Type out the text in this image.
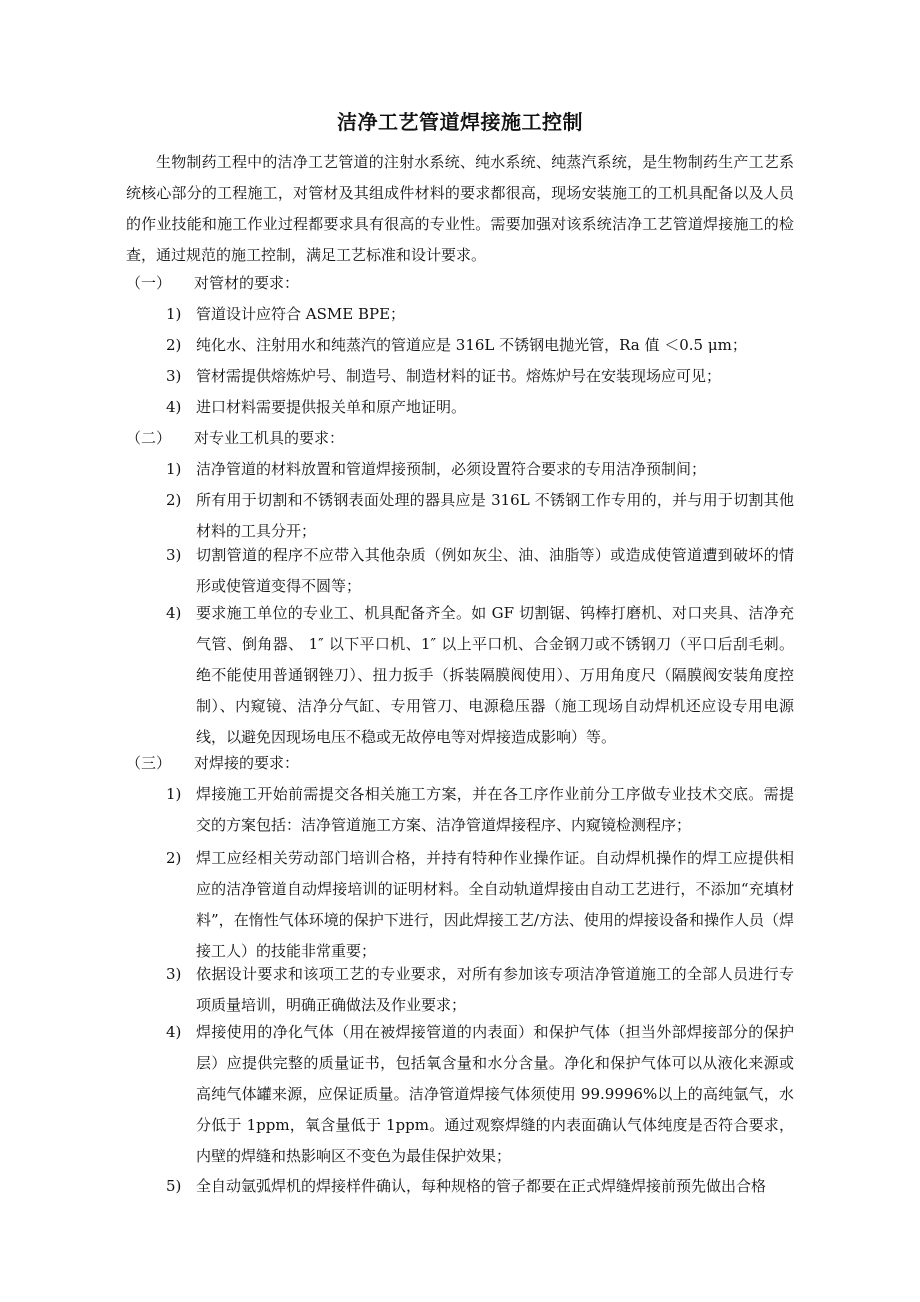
洁净工艺管道焊接施工控制

生物制药工程中的洁净工艺管道的注射水系统、纯水系统、纯蒸汽系统，是生物制药生产工艺系统核心部分的工程施工，对管材及其组成件材料的要求都很高，现场安装施工的工机具配备以及人员的作业技能和施工作业过程都要求具有很高的专业性。需要加强对该系统洁净工艺管道焊接施工的检查，通过规范的施工控制，满足工艺标准和设计要求。

（一） 对管材的要求：
1) 管道设计应符合 ASME BPE；
2) 纯化水、注射用水和纯蒸汽的管道应是 316L 不锈钢电抛光管，Ra 值 ＜0.5 μm；
3) 管材需提供熔炼炉号、制造号、制造材料的证书。熔炼炉号在安装现场应可见；
4) 进口材料需要提供报关单和原产地证明。
（二） 对专业工机具的要求：
1) 洁净管道的材料放置和管道焊接预制，必须设置符合要求的专用洁净预制间；
2) 所有用于切割和不锈钢表面处理的器具应是 316L 不锈钢工作专用的，并与用于切割其他材料的工具分开；
3) 切割管道的程序不应带入其他杂质（例如灰尘、油、油脂等）或造成使管道遭到破坏的情形或使管道变得不圆等；
4) 要求施工单位的专业工、机具配备齐全。如 GF 切割锯、钨棒打磨机、对口夹具、洁净充气管、倒角器、 1″ 以下平口机、1″ 以上平口机、合金钢刀或不锈钢刀（平口后刮毛刺。绝不能使用普通钢锉刀）、扭力扳手（拆装隔膜阀使用）、万用角度尺（隔膜阀安装角度控制）、内窥镜、洁净分气缸、专用管刀、电源稳压器（施工现场自动焊机还应设专用电源线，以避免因现场电压不稳或无故停电等对焊接造成影响）等。
（三） 对焊接的要求：
1) 焊接施工开始前需提交各相关施工方案，并在各工序作业前分工序做专业技术交底。需提交的方案包括：洁净管道施工方案、洁净管道焊接程序、内窥镜检测程序；
2) 焊工应经相关劳动部门培训合格，并持有特种作业操作证。自动焊机操作的焊工应提供相应的洁净管道自动焊接培训的证明材料。全自动轨道焊接由自动工艺进行，不添加“充填材料”，在惰性气体环境的保护下进行，因此焊接工艺/方法、使用的焊接设备和操作人员（焊接工人）的技能非常重要；
3) 依据设计要求和该项工艺的专业要求，对所有参加该专项洁净管道施工的全部人员进行专项质量培训，明确正确做法及作业要求；
4) 焊接使用的净化气体（用在被焊接管道的内表面）和保护气体（担当外部焊接部分的保护层）应提供完整的质量证书，包括氧含量和水分含量。净化和保护气体可以从液化来源或高纯气体罐来源，应保证质量。洁净管道焊接气体须使用 99.9996%以上的高纯氩气，水分低于 1ppm，氧含量低于 1ppm。通过观察焊缝的内表面确认气体纯度是否符合要求，内壁的焊缝和热影响区不变色为最佳保护效果；
5) 全自动氩弧焊机的焊接样件确认，每种规格的管子都要在正式焊缝焊接前预先做出合格
